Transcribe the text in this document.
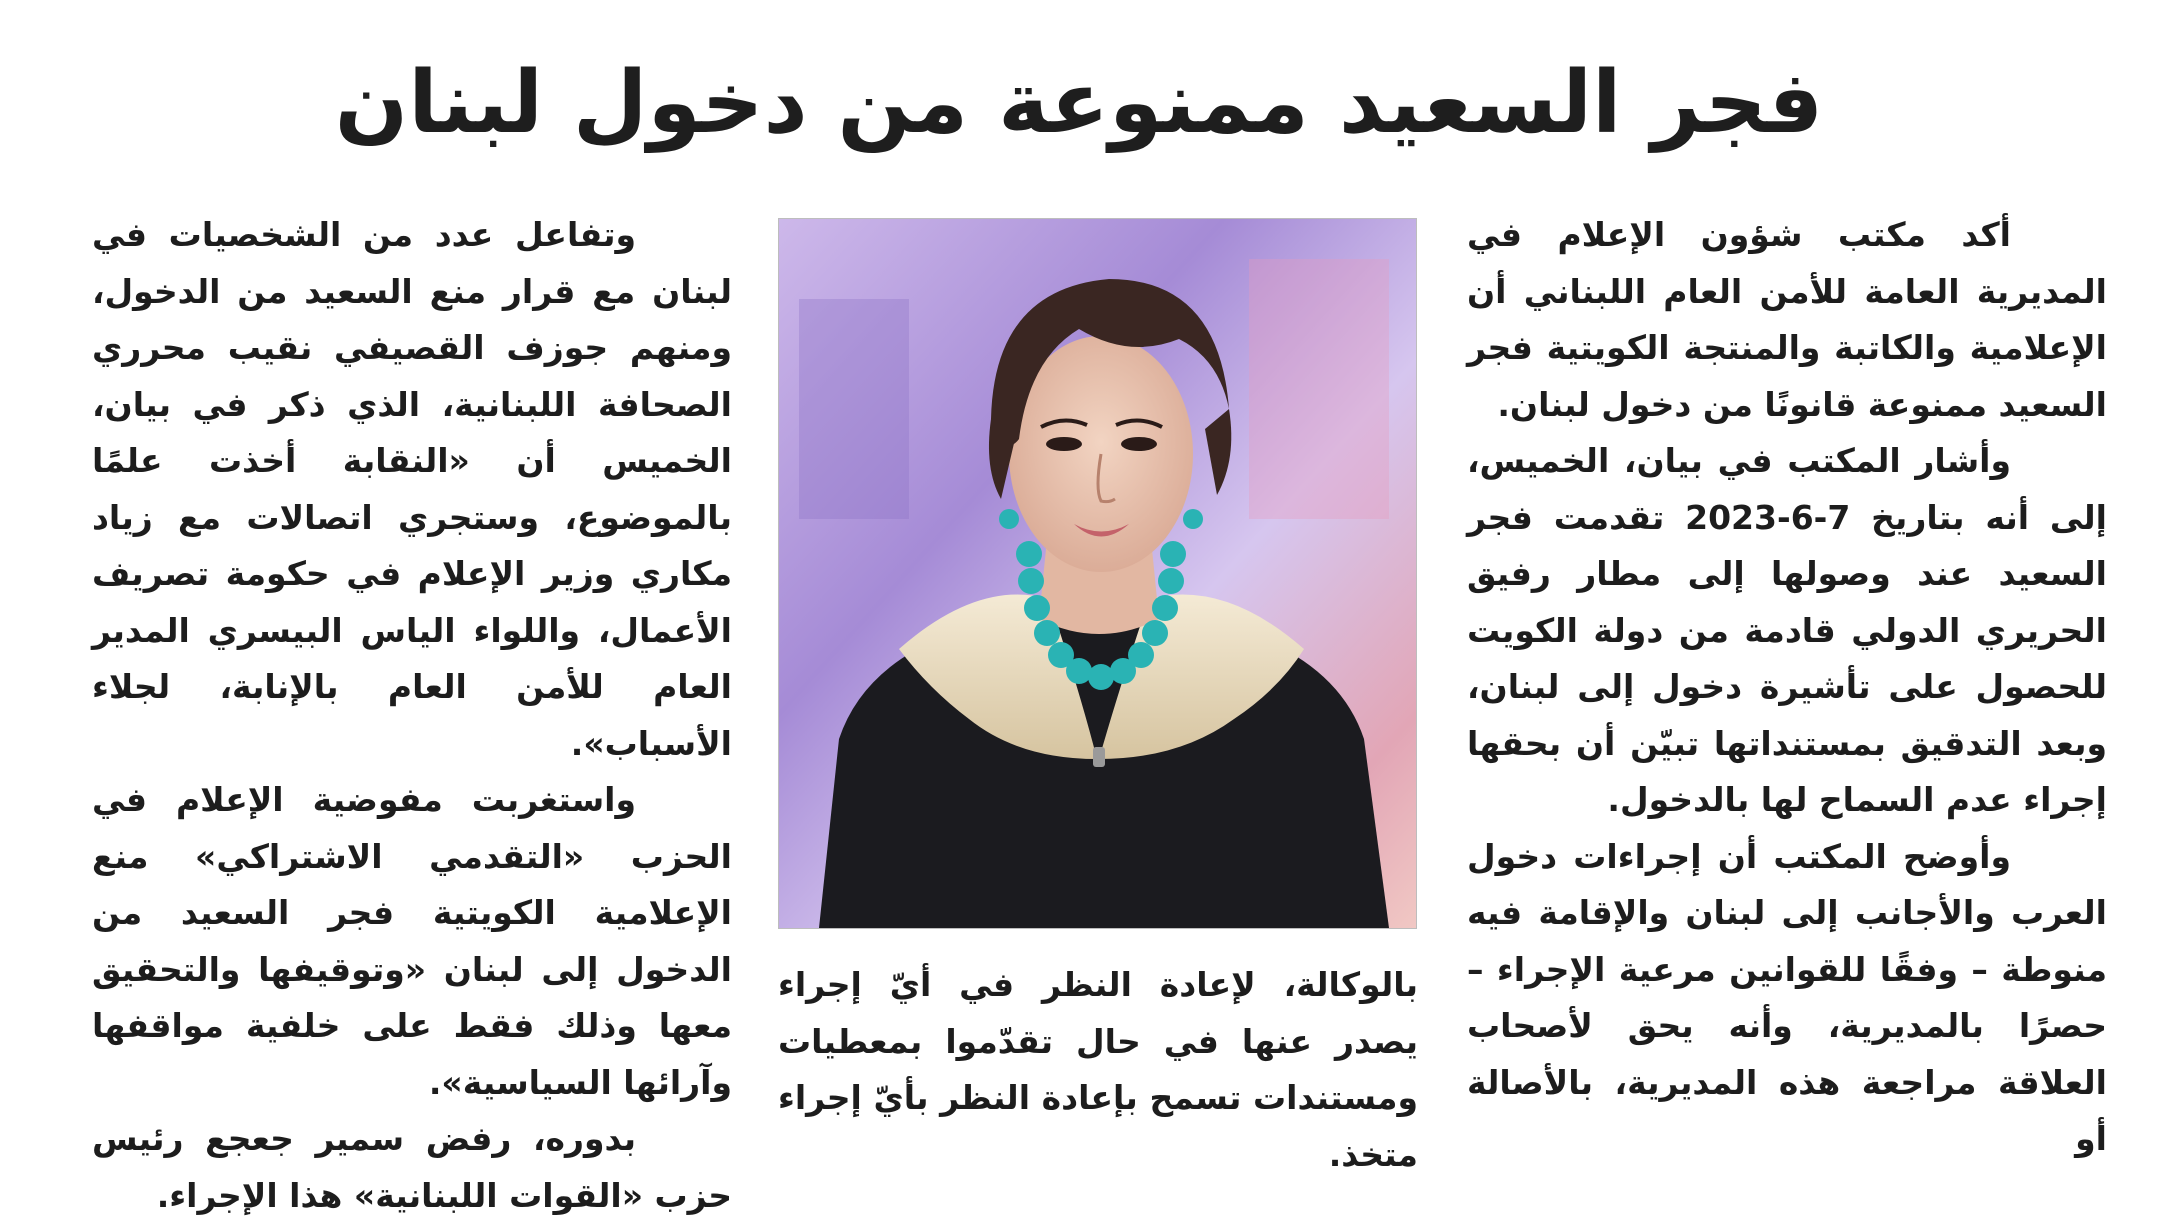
فجر السعيد ممنوعة من دخول لبنان

أكد مكتب شؤون الإعلام في المديرية العامة للأمن العام اللبناني أن الإعلامية والكاتبة والمنتجة الكويتية فجر السعيد ممنوعة قانونًا من دخول لبنان.

وأشار المكتب في بيان، الخميس، إلى أنه بتاريخ 7-6-2023 تقدمت فجر السعيد عند وصولها إلى مطار رفيق الحريري الدولي قادمة من دولة الكويت للحصول على تأشيرة دخول إلى لبنان، وبعد التدقيق بمستنداتها تبيّن أن بحقها إجراء عدم السماح لها بالدخول.

وأوضح المكتب أن إجراءات دخول العرب والأجانب إلى لبنان والإقامة فيه منوطة – وفقًا للقوانين مرعية الإجراء – حصرًا بالمديرية، وأنه يحق لأصحاب العلاقة مراجعة هذه المديرية، بالأصالة أو

بالوكالة، لإعادة النظر في أيّ إجراء يصدر عنها في حال تقدّموا بمعطيات ومستندات تسمح بإعادة النظر بأيّ إجراء متخذ.

وتفاعل عدد من الشخصيات في لبنان مع قرار منع السعيد من الدخول، ومنهم جوزف القصيفي نقيب محرري الصحافة اللبنانية، الذي ذكر في بيان، الخميس أن «النقابة أخذت علمًا بالموضوع، وستجري اتصالات مع زياد مكاري وزير الإعلام في حكومة تصريف الأعمال، واللواء الياس البيسري المدير العام للأمن العام بالإنابة، لجلاء الأسباب».

واستغربت مفوضية الإعلام في الحزب «التقدمي الاشتراكي» منع الإعلامية الكويتية فجر السعيد من الدخول إلى لبنان «وتوقيفها والتحقيق معها وذلك فقط على خلفية مواقفها وآرائها السياسية».

بدوره، رفض سمير جعجع رئيس حزب «القوات اللبنانية» هذا الإجراء.
